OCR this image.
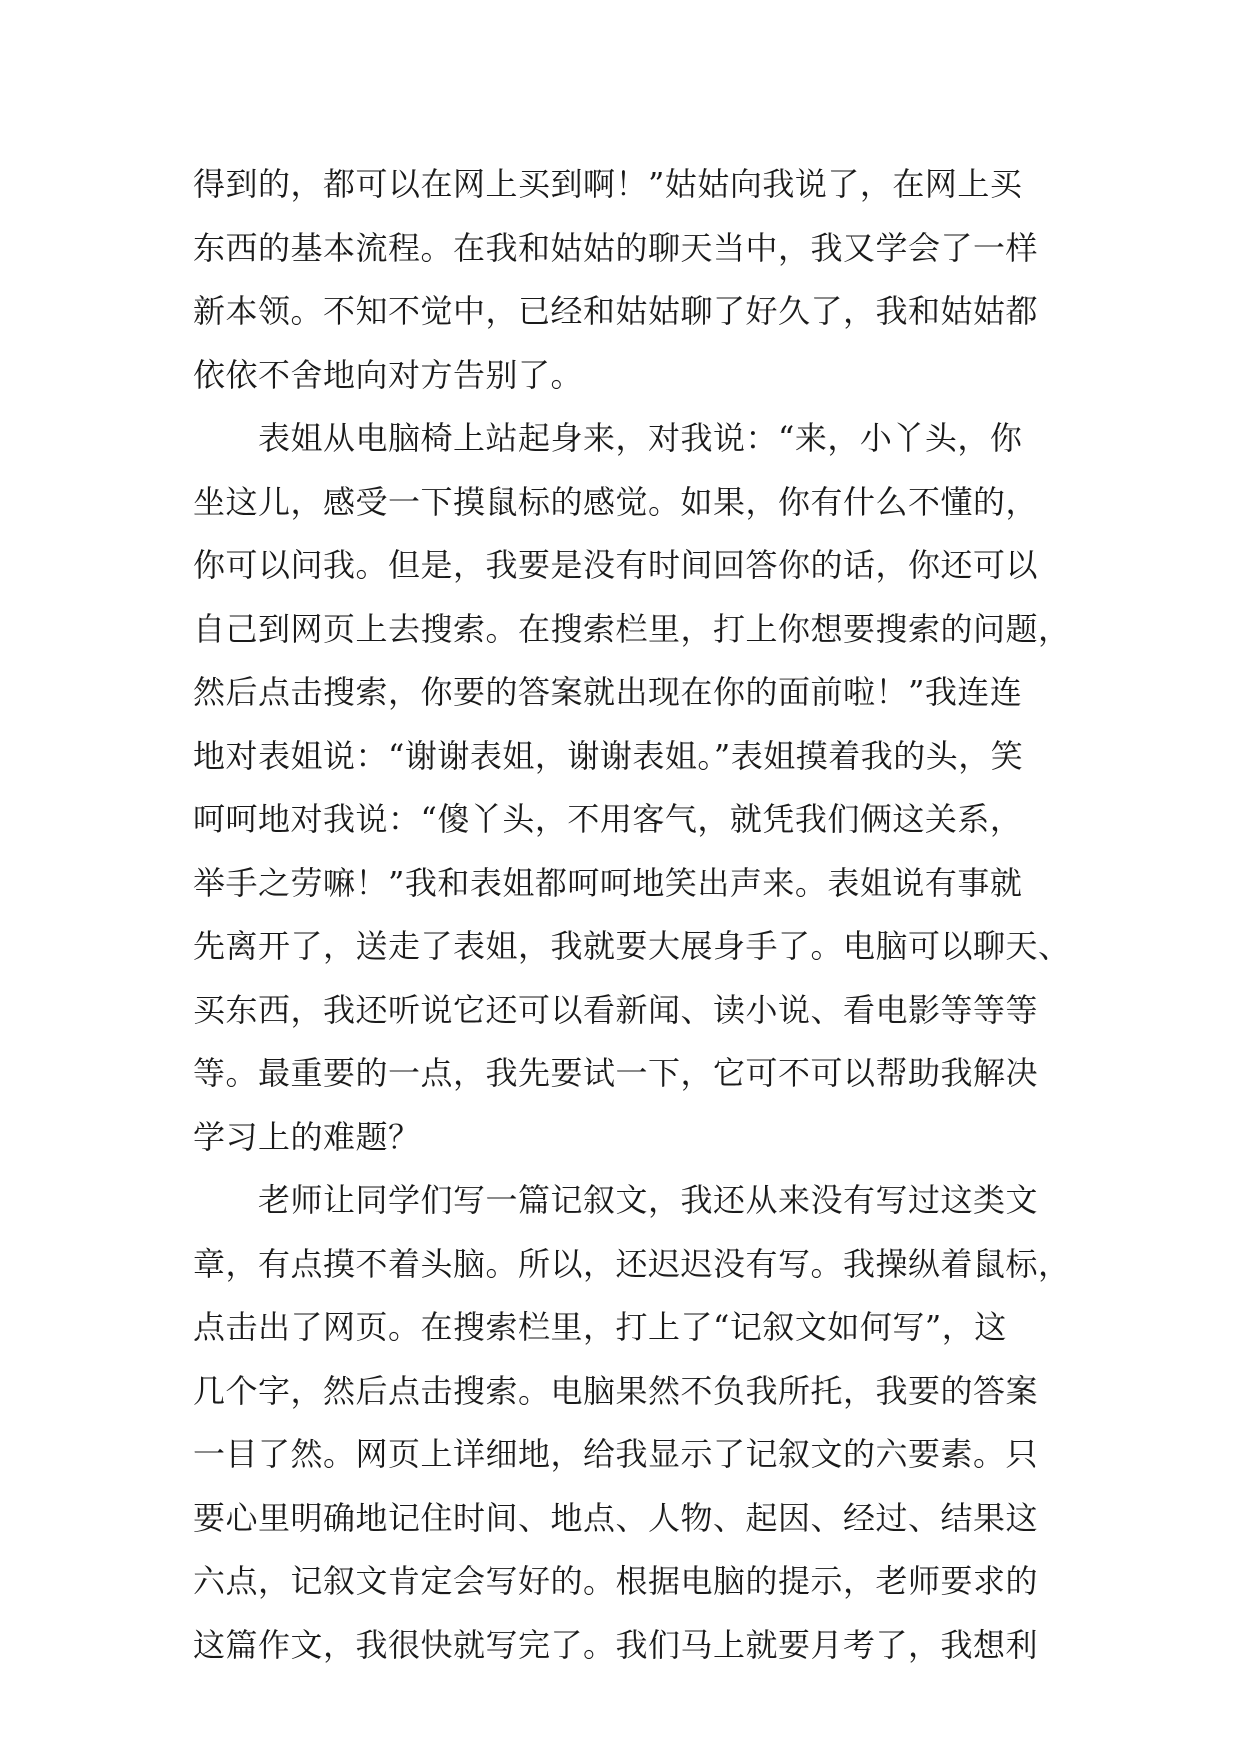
得到的，都可以在网上买到啊！”姑姑向我说了，在网上买
东西的基本流程。在我和姑姑的聊天当中，我又学会了一样
新本领。不知不觉中，已经和姑姑聊了好久了，我和姑姑都
依依不舍地向对方告别了。
　　表姐从电脑椅上站起身来，对我说：“来，小丫头，你
坐这儿，感受一下摸鼠标的感觉。如果，你有什么不懂的，
你可以问我。但是，我要是没有时间回答你的话，你还可以
自己到网页上去搜索。在搜索栏里，打上你想要搜索的问题，
然后点击搜索，你要的答案就出现在你的面前啦！”我连连
地对表姐说：“谢谢表姐，谢谢表姐。”表姐摸着我的头，笑
呵呵地对我说：“傻丫头，不用客气，就凭我们俩这关系，
举手之劳嘛！”我和表姐都呵呵地笑出声来。表姐说有事就
先离开了，送走了表姐，我就要大展身手了。电脑可以聊天、
买东西，我还听说它还可以看新闻、读小说、看电影等等等
等。最重要的一点，我先要试一下，它可不可以帮助我解决
学习上的难题？
　　老师让同学们写一篇记叙文，我还从来没有写过这类文
章，有点摸不着头脑。所以，还迟迟没有写。我操纵着鼠标，
点击出了网页。在搜索栏里，打上了“记叙文如何写”，这
几个字，然后点击搜索。电脑果然不负我所托，我要的答案
一目了然。网页上详细地，给我显示了记叙文的六要素。只
要心里明确地记住时间、地点、人物、起因、经过、结果这
六点，记叙文肯定会写好的。根据电脑的提示，老师要求的
这篇作文，我很快就写完了。我们马上就要月考了，我想利
